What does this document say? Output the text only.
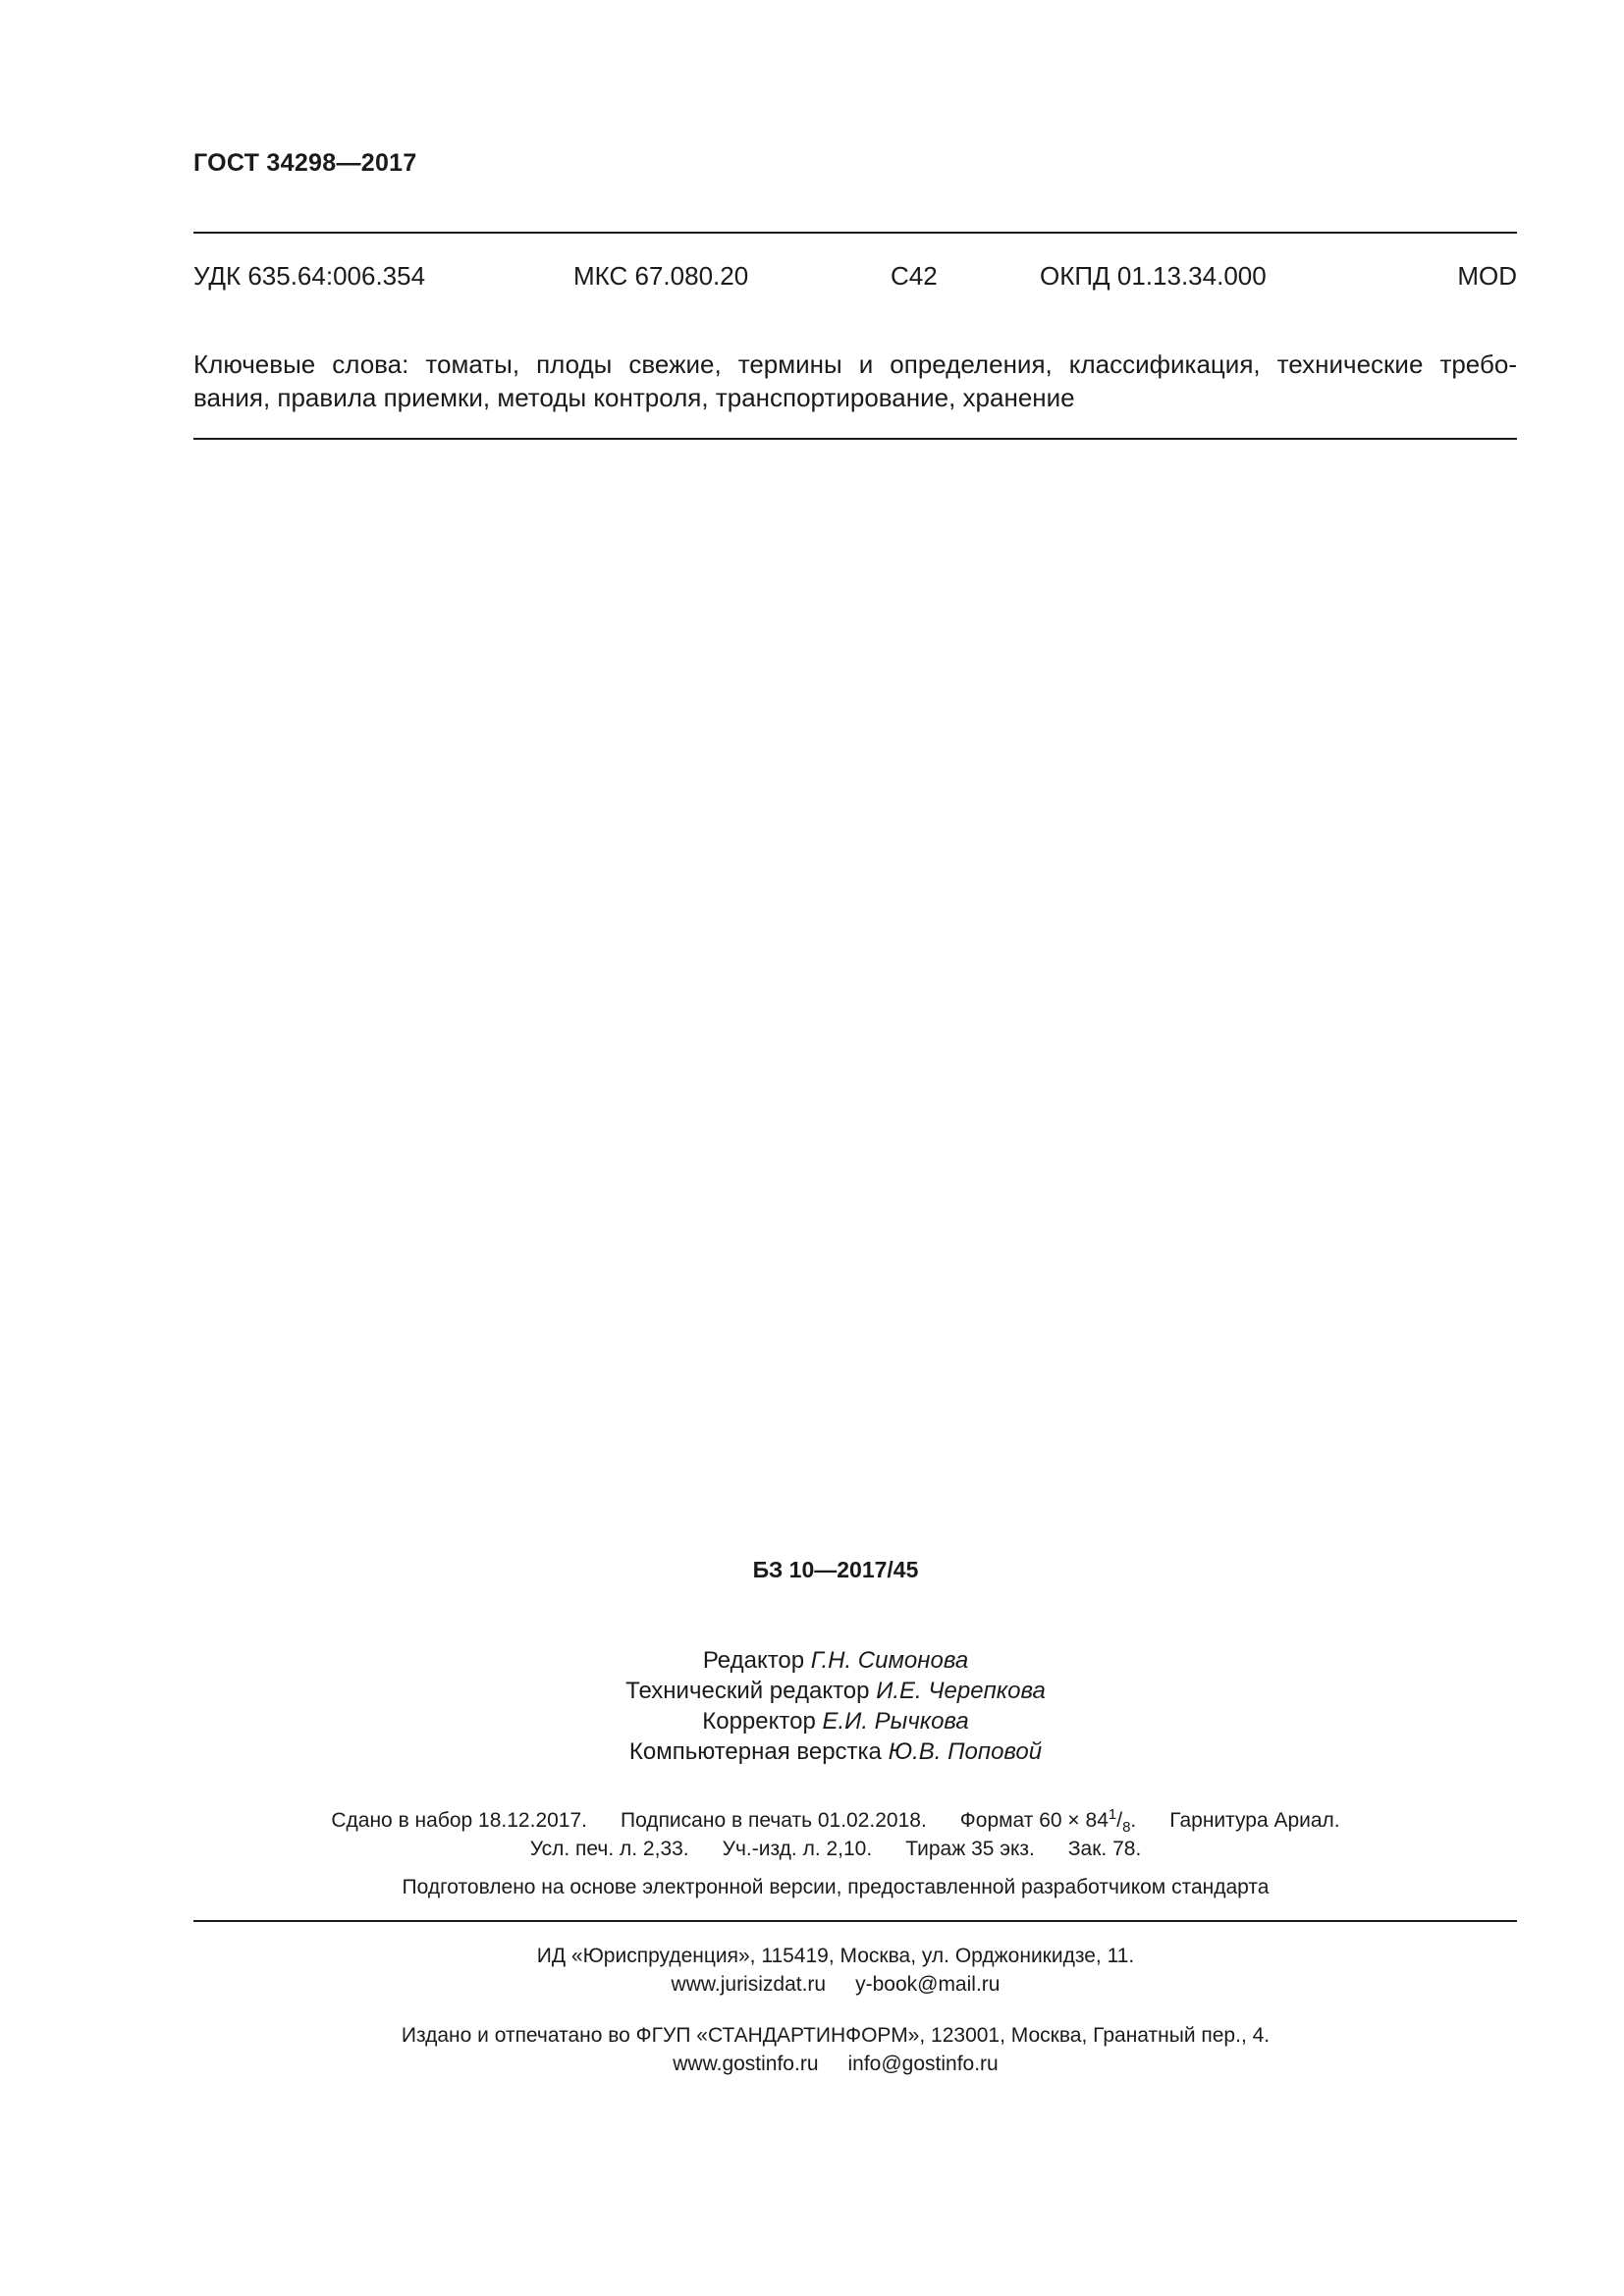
ГОСТ 34298—2017
УДК 635.64:006.354	МКС 67.080.20	С42	ОКПД 01.13.34.000	MOD
Ключевые слова: томаты, плоды свежие, термины и определения, классификация, технические требо-
вания, правила приемки, методы контроля, транспортирование, хранение
БЗ 10—2017/45
Редактор Г.Н. Симонова
Технический редактор И.Е. Черепкова
Корректор Е.И. Рычкова
Компьютерная верстка Ю.В. Поповой
Сдано в набор 18.12.2017. Подписано в печать 01.02.2018. Формат $60 \times 84^1/_8$. Гарнитура Ариал.
Усл. печ. л. 2,33. Уч.-изд. л. 2,10. Тираж 35 экз. Зак. 78.
Подготовлено на основе электронной версии, предоставленной разработчиком стандарта
ИД «Юриспруденция», 115419, Москва, ул. Орджоникидзе, 11.
www.jurisizdat.ru y-book@mail.ru
Издано и отпечатано во ФГУП «СТАНДАРТИНФОРМ», 123001, Москва, Гранатный пер., 4.
www.gostinfo.ru info@gostinfo.ru
